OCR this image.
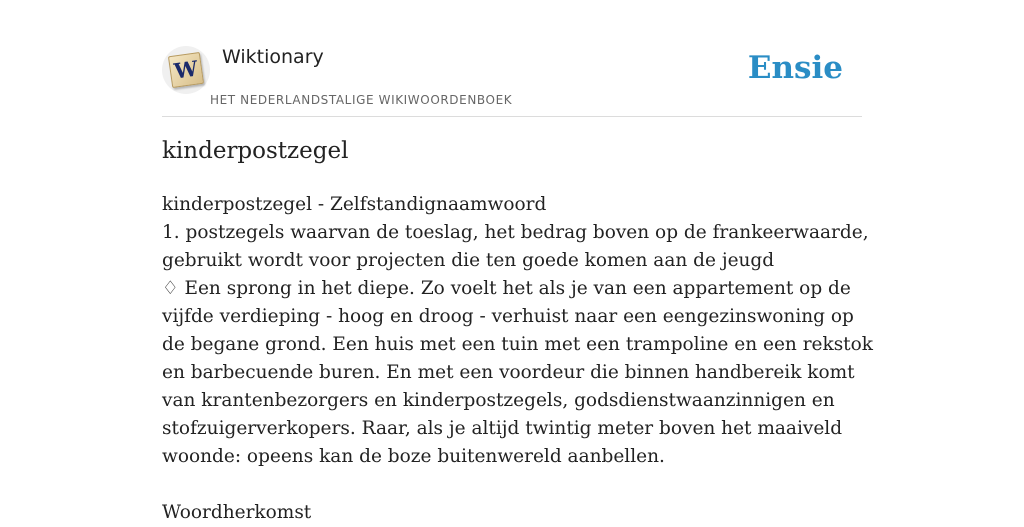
W Wiktionary
HET NEDERLANDSTALIGE WIKIWOORDENBOEK
Ensie
kinderpostzegel

kinderpostzegel - Zelfstandignaamwoord

1. postzegels waarvan de toeslag, het bedrag boven op de frankeerwaarde, gebruikt wordt voor projecten die ten goede komen aan de jeugd

♢ Een sprong in het diepe. Zo voelt het als je van een appartement op de vijfde verdieping - hoog en droog - verhuist naar een eengezinswoning op de begane grond. Een huis met een tuin met een trampoline en een rekstok en barbecuende buren. En met een voordeur die binnen handbereik komt van krantenbezorgers en kinderpostzegels, godsdienstwaanzinnigen en stofzuigerverkopers. Raar, als je altijd twintig meter boven het maaiveld woonde: opeens kan de boze buitenwereld aanbellen.

Woordherkomst
